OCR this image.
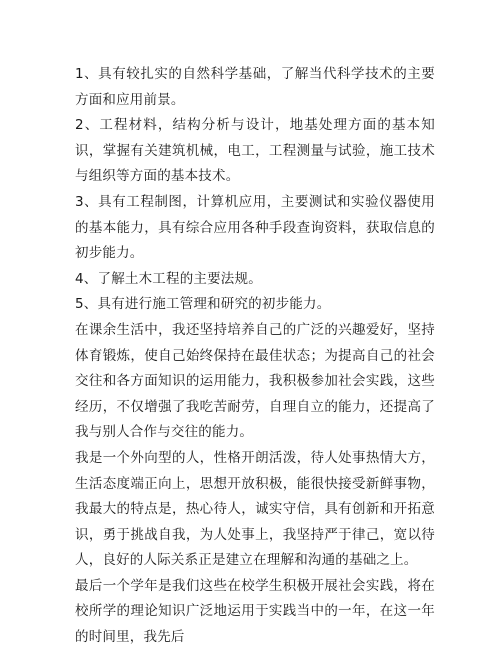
1、具有较扎实的自然科学基础，了解当代科学技术的主要方面和应用前景。

2、工程材料，结构分析与设计，地基处理方面的基本知识，掌握有关建筑机械，电工，工程测量与试验，施工技术与组织等方面的基本技术。

3、具有工程制图，计算机应用，主要测试和实验仪器使用的基本能力，具有综合应用各种手段查询资料，获取信息的初步能力。

4、了解土木工程的主要法规。

5、具有进行施工管理和研究的初步能力。

在课余生活中，我还坚持培养自己的广泛的兴趣爱好，坚持体育锻炼，使自己始终保持在最佳状态；为提高自己的社会交往和各方面知识的运用能力，我积极参加社会实践，这些经历，不仅增强了我吃苦耐劳，自理自立的能力，还提高了我与别人合作与交往的能力。

我是一个外向型的人，性格开朗活泼，待人处事热情大方，生活态度端正向上，思想开放积极，能很快接受新鲜事物，我最大的特点是，热心待人，诚实守信，具有创新和开拓意识，勇于挑战自我，为人处事上，我坚持严于律己，宽以待人，良好的人际关系正是建立在理解和沟通的基础之上。

最后一个学年是我们这些在校学生积极开展社会实践，将在校所学的理论知识广泛地运用于实践当中的一年，在这一年的时间里，我先后
